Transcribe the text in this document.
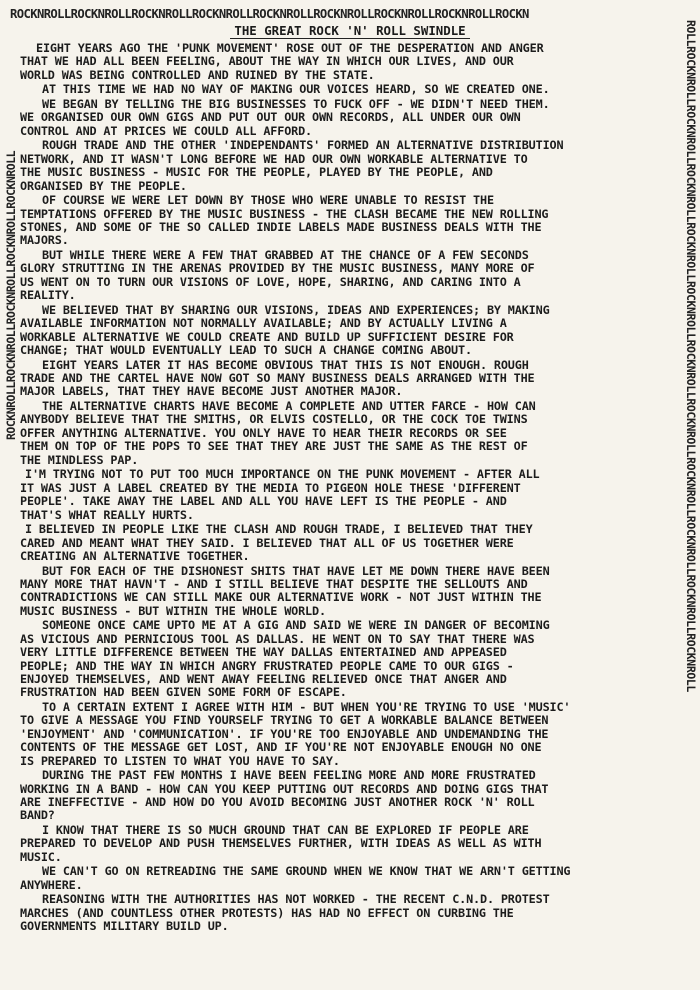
ROCKNROLLROCKNROLLROCKNROLLROCKNROLLROCKNROLLROCKNROLLROCKNROLLROCKNROLLROCKN
ROCKNROLLROCKNROLLROCKNROLLROCKNROLLROCKNROLL	ROLLROCKNROLLROCKNROLLROCKNROLLROCKNROLLROCKNROLLROCKNROLLROCKNROLLROCKNROLLROCKNROLLROCKNROLLROCKNROLL
THE GREAT ROCK 'N' ROLL SWINDLE
EIGHT YEARS AGO THE 'PUNK MOVEMENT' ROSE OUT OF THE DESPERATION AND ANGER
THAT WE HAD ALL BEEN FEELING, ABOUT THE WAY IN WHICH OUR LIVES, AND OUR
WORLD WAS BEING CONTROLLED AND RUINED BY THE STATE.
AT THIS TIME WE HAD NO WAY OF MAKING OUR VOICES HEARD, SO WE CREATED ONE.
WE BEGAN BY TELLING THE BIG BUSINESSES TO FUCK OFF - WE DIDN'T NEED THEM.
WE ORGANISED OUR OWN GIGS AND PUT OUT OUR OWN RECORDS, ALL UNDER OUR OWN
CONTROL AND AT PRICES WE COULD ALL AFFORD.
ROUGH TRADE AND THE OTHER 'INDEPENDANTS' FORMED AN ALTERNATIVE DISTRIBUTION
NETWORK, AND IT WASN'T LONG BEFORE WE HAD OUR OWN WORKABLE ALTERNATIVE TO
THE MUSIC BUSINESS - MUSIC FOR THE PEOPLE, PLAYED BY THE PEOPLE, AND
ORGANISED BY THE PEOPLE.
OF COURSE WE WERE LET DOWN BY THOSE WHO WERE UNABLE TO RESIST THE
TEMPTATIONS OFFERED BY THE MUSIC BUSINESS - THE CLASH BECAME THE NEW ROLLING
STONES, AND SOME OF THE SO CALLED INDIE LABELS MADE BUSINESS DEALS WITH THE
MAJORS.
BUT WHILE THERE WERE A FEW THAT GRABBED AT THE CHANCE OF A FEW SECONDS
GLORY STRUTTING IN THE ARENAS PROVIDED BY THE MUSIC BUSINESS, MANY MORE OF
US WENT ON TO TURN OUR VISIONS OF LOVE, HOPE, SHARING, AND CARING INTO A
REALITY.
WE BELIEVED THAT BY SHARING OUR VISIONS, IDEAS AND EXPERIENCES; BY MAKING
AVAILABLE INFORMATION NOT NORMALLY AVAILABLE; AND BY ACTUALLY LIVING A
WORKABLE ALTERNATIVE WE COULD CREATE AND BUILD UP SUFFICIENT DESIRE FOR
CHANGE; THAT WOULD EVENTUALLY LEAD TO SUCH A CHANGE COMING ABOUT.
EIGHT YEARS LATER IT HAS BECOME OBVIOUS THAT THIS IS NOT ENOUGH. ROUGH
TRADE AND THE CARTEL HAVE NOW GOT SO MANY BUSINESS DEALS ARRANGED WITH THE
MAJOR LABELS, THAT THEY HAVE BECOME JUST ANOTHER MAJOR.
THE ALTERNATIVE CHARTS HAVE BECOME A COMPLETE AND UTTER FARCE - HOW CAN
ANYBODY BELIEVE THAT THE SMITHS, OR ELVIS COSTELLO, OR THE COCK TOE TWINS
OFFER ANYTHING ALTERNATIVE. YOU ONLY HAVE TO HEAR THEIR RECORDS OR SEE
THEM ON TOP OF THE POPS TO SEE THAT THEY ARE JUST THE SAME AS THE REST OF
THE MINDLESS PAP.
I'M TRYING NOT TO PUT TOO MUCH IMPORTANCE ON THE PUNK MOVEMENT - AFTER ALL
IT WAS JUST A LABEL CREATED BY THE MEDIA TO PIGEON HOLE THESE 'DIFFERENT
PEOPLE'. TAKE AWAY THE LABEL AND ALL YOU HAVE LEFT IS THE PEOPLE - AND
THAT'S WHAT REALLY HURTS.
I BELIEVED IN PEOPLE LIKE THE CLASH AND ROUGH TRADE, I BELIEVED THAT THEY
CARED AND MEANT WHAT THEY SAID. I BELIEVED THAT ALL OF US TOGETHER WERE
CREATING AN ALTERNATIVE TOGETHER.
BUT FOR EACH OF THE DISHONEST SHITS THAT HAVE LET ME DOWN THERE HAVE BEEN
MANY MORE THAT HAVN'T - AND I STILL BELIEVE THAT DESPITE THE SELLOUTS AND
CONTRADICTIONS WE CAN STILL MAKE OUR ALTERNATIVE WORK - NOT JUST WITHIN THE
MUSIC BUSINESS - BUT WITHIN THE WHOLE WORLD.
SOMEONE ONCE CAME UPTO ME AT A GIG AND SAID WE WERE IN DANGER OF BECOMING
AS VICIOUS AND PERNICIOUS TOOL AS DALLAS. HE WENT ON TO SAY THAT THERE WAS
VERY LITTLE DIFFERENCE BETWEEN THE WAY DALLAS ENTERTAINED AND APPEASED
PEOPLE; AND THE WAY IN WHICH ANGRY FRUSTRATED PEOPLE CAME TO OUR GIGS -
ENJOYED THEMSELVES, AND WENT AWAY FEELING RELIEVED ONCE THAT ANGER AND
FRUSTRATION HAD BEEN GIVEN SOME FORM OF ESCAPE.
TO A CERTAIN EXTENT I AGREE WITH HIM - BUT WHEN YOU'RE TRYING TO USE 'MUSIC'
TO GIVE A MESSAGE YOU FIND YOURSELF TRYING TO GET A WORKABLE BALANCE BETWEEN
'ENJOYMENT' AND 'COMMUNICATION'. IF YOU'RE TOO ENJOYABLE AND UNDEMANDING THE
CONTENTS OF THE MESSAGE GET LOST, AND IF YOU'RE NOT ENJOYABLE ENOUGH NO ONE
IS PREPARED TO LISTEN TO WHAT YOU HAVE TO SAY.
DURING THE PAST FEW MONTHS I HAVE BEEN FEELING MORE AND MORE FRUSTRATED
WORKING IN A BAND - HOW CAN YOU KEEP PUTTING OUT RECORDS AND DOING GIGS THAT
ARE INEFFECTIVE - AND HOW DO YOU AVOID BECOMING JUST ANOTHER ROCK 'N' ROLL
BAND?
I KNOW THAT THERE IS SO MUCH GROUND THAT CAN BE EXPLORED IF PEOPLE ARE
PREPARED TO DEVELOP AND PUSH THEMSELVES FURTHER, WITH IDEAS AS WELL AS WITH
MUSIC.
WE CAN'T GO ON RETREADING THE SAME GROUND WHEN WE KNOW THAT WE ARN'T GETTING
ANYWHERE.
REASONING WITH THE AUTHORITIES HAS NOT WORKED - THE RECENT C.N.D. PROTEST
MARCHES (AND COUNTLESS OTHER PROTESTS) HAS HAD NO EFFECT ON CURBING THE
GOVERNMENTS MILITARY BUILD UP.
